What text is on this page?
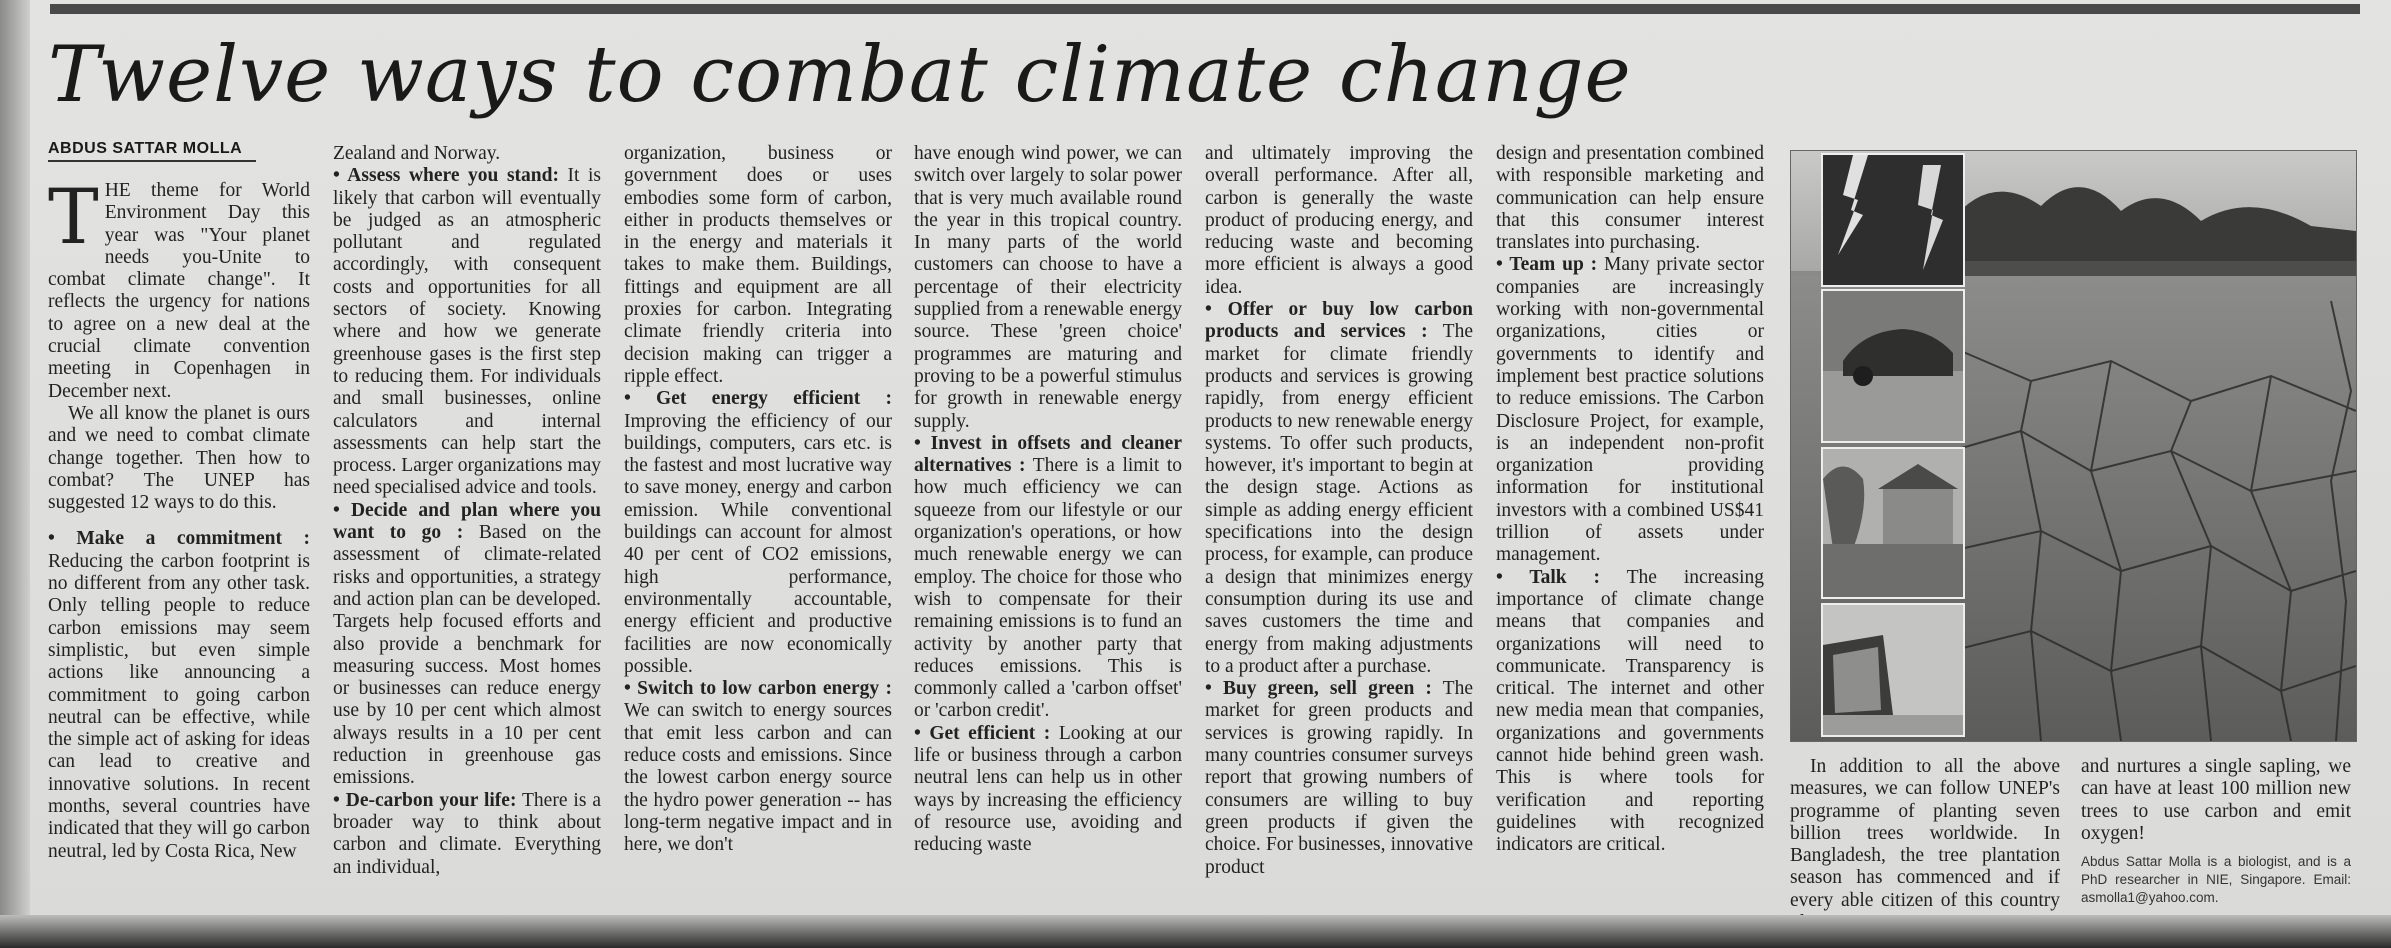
Twelve ways to combat climate change
ABDUS SATTAR MOLLA

THE theme for World Environment Day this year was "Your planet needs you-Unite to combat climate change". It reflects the urgency for nations to agree on a new deal at the crucial climate convention meeting in Copenhagen in December next.

We all know the planet is ours and we need to combat climate change together. Then how to combat? The UNEP has suggested 12 ways to do this.

• Make a commitment : Reducing the carbon footprint is no different from any other task. Only telling people to reduce carbon emissions may seem simplistic, but even simple actions like announcing a commitment to going carbon neutral can be effective, while the simple act of asking for ideas can lead to creative and innovative solutions. In recent months, several countries have indicated that they will go carbon neutral, led by Costa Rica, New

Zealand and Norway.

• Assess where you stand: It is likely that carbon will eventually be judged as an atmospheric pollutant and regulated accordingly, with consequent costs and opportunities for all sectors of society. Knowing where and how we generate greenhouse gases is the first step to reducing them. For individuals and small businesses, online calculators and internal assessments can help start the process. Larger organizations may need specialised advice and tools.

• Decide and plan where you want to go : Based on the assessment of climate-related risks and opportunities, a strategy and action plan can be developed. Targets help focused efforts and also provide a benchmark for measuring success. Most homes or businesses can reduce energy use by 10 per cent which almost always results in a 10 per cent reduction in greenhouse gas emissions.

• De-carbon your life: There is a broader way to think about carbon and climate. Everything an individual,

organization, business or government does or uses embodies some form of carbon, either in products themselves or in the energy and materials it takes to make them. Buildings, fittings and equipment are all proxies for carbon. Integrating climate friendly criteria into decision making can trigger a ripple effect.

• Get energy efficient : Improving the efficiency of our buildings, computers, cars etc. is the fastest and most lucrative way to save money, energy and carbon emission. While conventional buildings can account for almost 40 per cent of CO2 emissions, high performance, environmentally accountable, energy efficient and productive facilities are now economically possible.

• Switch to low carbon energy : We can switch to energy sources that emit less carbon and can reduce costs and emissions. Since the lowest carbon energy source the hydro power generation -- has long-term negative impact and in here, we don't

have enough wind power, we can switch over largely to solar power that is very much available round the year in this tropical country. In many parts of the world customers can choose to have a percentage of their electricity supplied from a renewable energy source. These 'green choice' programmes are maturing and proving to be a powerful stimulus for growth in renewable energy supply.

• Invest in offsets and cleaner alternatives : There is a limit to how much efficiency we can squeeze from our lifestyle or our organization's operations, or how much renewable energy we can employ. The choice for those who wish to compensate for their remaining emissions is to fund an activity by another party that reduces emissions. This is commonly called a 'carbon offset' or 'carbon credit'.

• Get efficient : Looking at our life or business through a carbon neutral lens can help us in other ways by increasing the efficiency of resource use, avoiding and reducing waste

and ultimately improving the overall performance. After all, carbon is generally the waste product of producing energy, and reducing waste and becoming more efficient is always a good idea.

• Offer or buy low carbon products and services : The market for climate friendly products and services is growing rapidly, from energy efficient products to new renewable energy systems. To offer such products, however, it's important to begin at the design stage. Actions as simple as adding energy efficient specifications into the design process, for example, can produce a design that minimizes energy consumption during its use and saves customers the time and energy from making adjustments to a product after a purchase.

• Buy green, sell green : The market for green products and services is growing rapidly. In many countries consumer surveys report that growing numbers of consumers are willing to buy green products if given the choice. For businesses, innovative product

design and presentation combined with responsible marketing and communication can help ensure that this consumer interest translates into purchasing.

• Team up : Many private sector companies are increasingly working with non-governmental organizations, cities or governments to identify and implement best practice solutions to reduce emissions. The Carbon Disclosure Project, for example, is an independent non-profit organization providing information for institutional investors with a combined US$41 trillion of assets under management.

• Talk : The increasing importance of climate change means that companies and organizations will need to communicate. Transparency is critical. The internet and other new media mean that companies, organizations and governments cannot hide behind green wash. This is where tools for verification and reporting guidelines with recognized indicators are critical.

In addition to all the above measures, we can follow UNEP's programme of planting seven billion trees worldwide. In Bangladesh, the tree plantation season has commenced and if every able citizen of this country

and nurtures a single sapling, we can have at least 100 million new trees to use carbon and emit oxygen!

Abdus Sattar Molla is a biologist, and is a PhD researcher in NIE, Singapore. Email: asmolla1@yahoo.com.
